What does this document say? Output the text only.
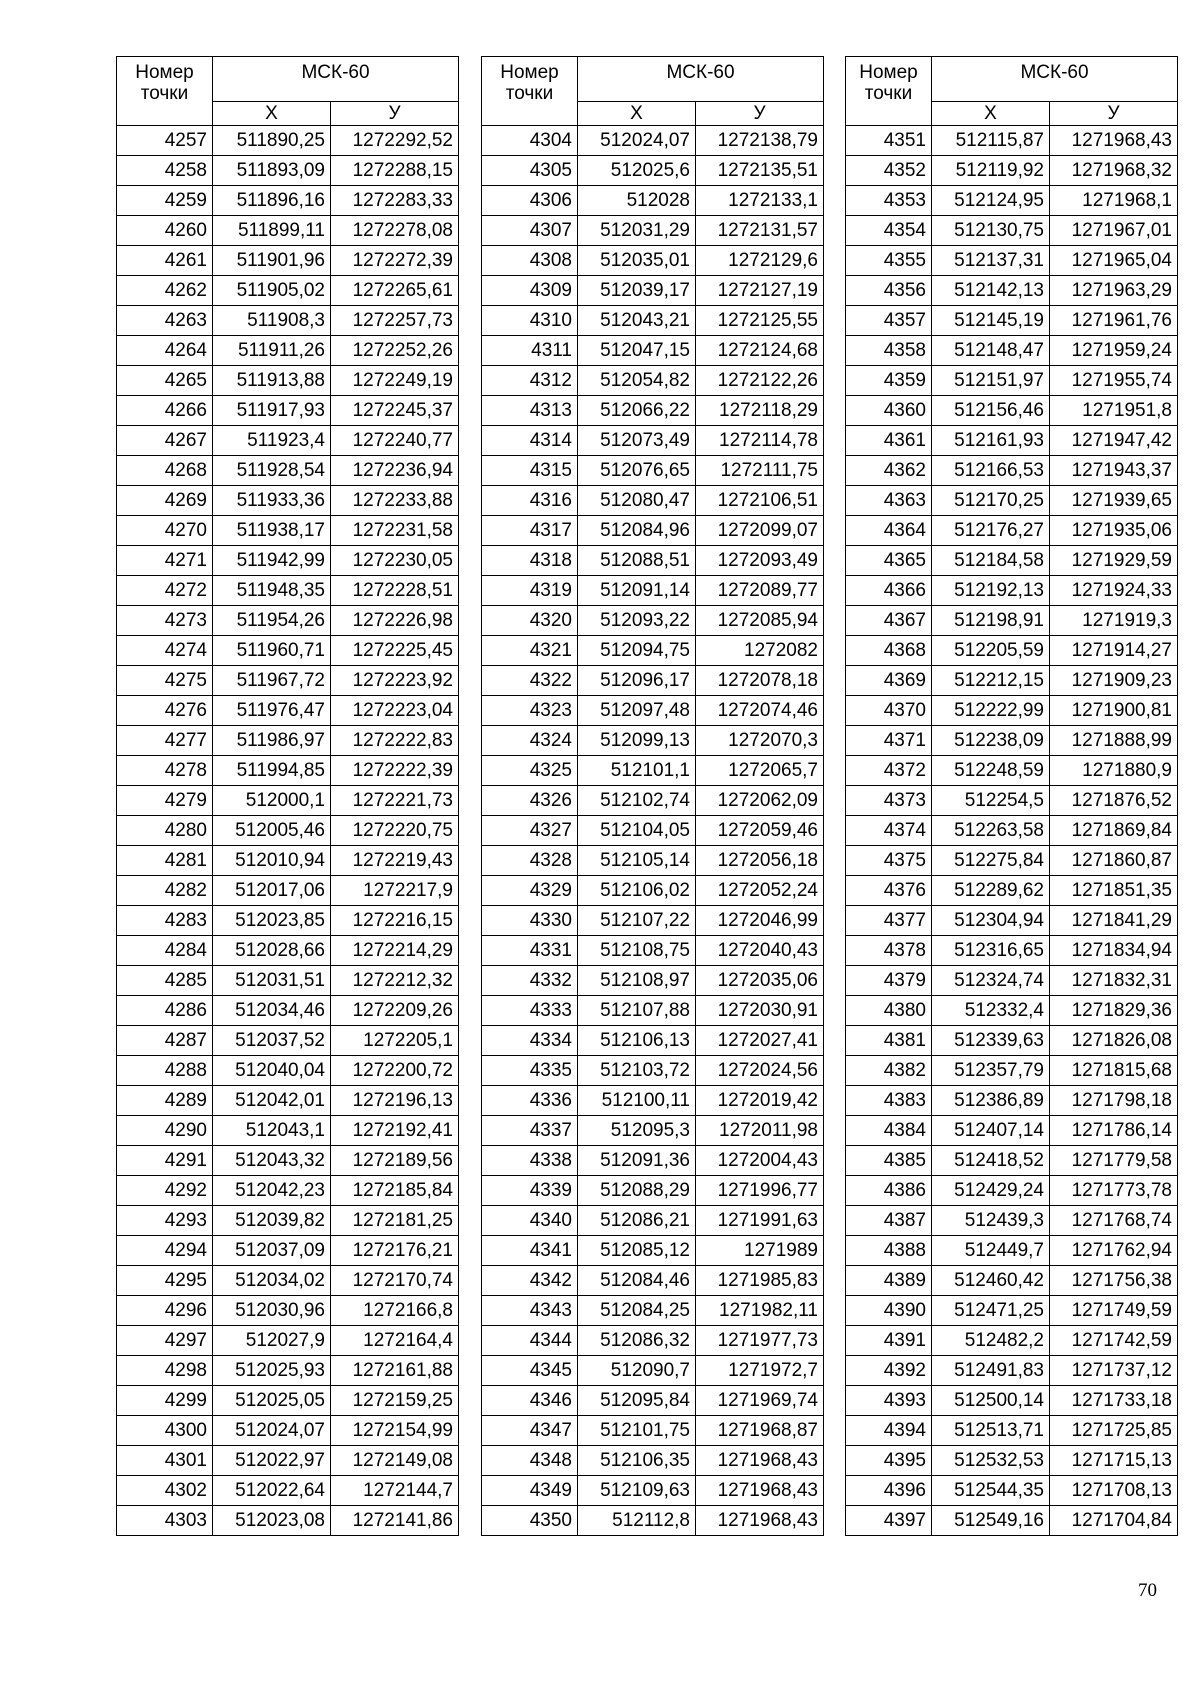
Номер точки	МСК-60	
	X	У
4257	511890,25	1272292,52
4258	511893,09	1272288,15
4259	511896,16	1272283,33
4260	511899,11	1272278,08
4261	511901,96	1272272,39
4262	511905,02	1272265,61
4263	511908,3	1272257,73
4264	511911,26	1272252,26
4265	511913,88	1272249,19
4266	511917,93	1272245,37
4267	511923,4	1272240,77
4268	511928,54	1272236,94
4269	511933,36	1272233,88
4270	511938,17	1272231,58
4271	511942,99	1272230,05
4272	511948,35	1272228,51
4273	511954,26	1272226,98
4274	511960,71	1272225,45
4275	511967,72	1272223,92
4276	511976,47	1272223,04
4277	511986,97	1272222,83
4278	511994,85	1272222,39
4279	512000,1	1272221,73
4280	512005,46	1272220,75
4281	512010,94	1272219,43
4282	512017,06	1272217,9
4283	512023,85	1272216,15
4284	512028,66	1272214,29
4285	512031,51	1272212,32
4286	512034,46	1272209,26
4287	512037,52	1272205,1
4288	512040,04	1272200,72
4289	512042,01	1272196,13
4290	512043,1	1272192,41
4291	512043,32	1272189,56
4292	512042,23	1272185,84
4293	512039,82	1272181,25
4294	512037,09	1272176,21
4295	512034,02	1272170,74
4296	512030,96	1272166,8
4297	512027,9	1272164,4
4298	512025,93	1272161,88
4299	512025,05	1272159,25
4300	512024,07	1272154,99
4301	512022,97	1272149,08
4302	512022,64	1272144,7
4303	512023,08	1272141,86
Номер точки	МСК-60	
	X	У
4304	512024,07	1272138,79
4305	512025,6	1272135,51
4306	512028	1272133,1
4307	512031,29	1272131,57
4308	512035,01	1272129,6
4309	512039,17	1272127,19
4310	512043,21	1272125,55
4311	512047,15	1272124,68
4312	512054,82	1272122,26
4313	512066,22	1272118,29
4314	512073,49	1272114,78
4315	512076,65	1272111,75
4316	512080,47	1272106,51
4317	512084,96	1272099,07
4318	512088,51	1272093,49
4319	512091,14	1272089,77
4320	512093,22	1272085,94
4321	512094,75	1272082
4322	512096,17	1272078,18
4323	512097,48	1272074,46
4324	512099,13	1272070,3
4325	512101,1	1272065,7
4326	512102,74	1272062,09
4327	512104,05	1272059,46
4328	512105,14	1272056,18
4329	512106,02	1272052,24
4330	512107,22	1272046,99
4331	512108,75	1272040,43
4332	512108,97	1272035,06
4333	512107,88	1272030,91
4334	512106,13	1272027,41
4335	512103,72	1272024,56
4336	512100,11	1272019,42
4337	512095,3	1272011,98
4338	512091,36	1272004,43
4339	512088,29	1271996,77
4340	512086,21	1271991,63
4341	512085,12	1271989
4342	512084,46	1271985,83
4343	512084,25	1271982,11
4344	512086,32	1271977,73
4345	512090,7	1271972,7
4346	512095,84	1271969,74
4347	512101,75	1271968,87
4348	512106,35	1271968,43
4349	512109,63	1271968,43
4350	512112,8	1271968,43
Номер точки	МСК-60	
	X	У
4351	512115,87	1271968,43
4352	512119,92	1271968,32
4353	512124,95	1271968,1
4354	512130,75	1271967,01
4355	512137,31	1271965,04
4356	512142,13	1271963,29
4357	512145,19	1271961,76
4358	512148,47	1271959,24
4359	512151,97	1271955,74
4360	512156,46	1271951,8
4361	512161,93	1271947,42
4362	512166,53	1271943,37
4363	512170,25	1271939,65
4364	512176,27	1271935,06
4365	512184,58	1271929,59
4366	512192,13	1271924,33
4367	512198,91	1271919,3
4368	512205,59	1271914,27
4369	512212,15	1271909,23
4370	512222,99	1271900,81
4371	512238,09	1271888,99
4372	512248,59	1271880,9
4373	512254,5	1271876,52
4374	512263,58	1271869,84
4375	512275,84	1271860,87
4376	512289,62	1271851,35
4377	512304,94	1271841,29
4378	512316,65	1271834,94
4379	512324,74	1271832,31
4380	512332,4	1271829,36
4381	512339,63	1271826,08
4382	512357,79	1271815,68
4383	512386,89	1271798,18
4384	512407,14	1271786,14
4385	512418,52	1271779,58
4386	512429,24	1271773,78
4387	512439,3	1271768,74
4388	512449,7	1271762,94
4389	512460,42	1271756,38
4390	512471,25	1271749,59
4391	512482,2	1271742,59
4392	512491,83	1271737,12
4393	512500,14	1271733,18
4394	512513,71	1271725,85
4395	512532,53	1271715,13
4396	512544,35	1271708,13
4397	512549,16	1271704,84
70
